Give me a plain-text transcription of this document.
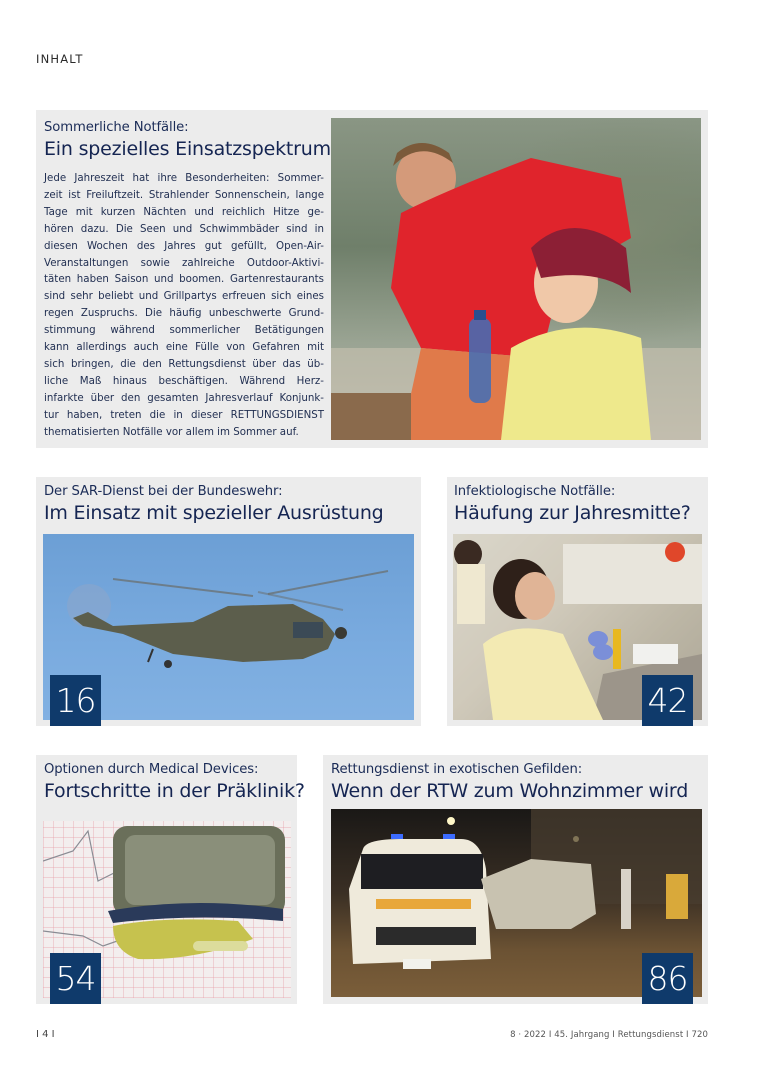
INHALT
Sommerliche Notfälle:
Ein spezielles Einsatzspektrum
Jede Jahreszeit hat ihre Besonderheiten: Sommer-
zeit ist Freiluftzeit. Strahlender Sonnenschein, lange
Tage mit kurzen Nächten und reichlich Hitze ge-
hören dazu. Die Seen und Schwimmbäder sind in
diesen Wochen des Jahres gut gefüllt, Open-Air-
Veranstaltungen sowie zahlreiche Outdoor-Aktivi-
täten haben Saison und boomen. Gartenrestaurants
sind sehr beliebt und Grillpartys erfreuen sich eines
regen Zuspruchs. Die häufig unbeschwerte Grund-
stimmung während sommerlicher Betätigungen
kann allerdings auch eine Fülle von Gefahren mit
sich bringen, die den Rettungsdienst über das üb-
liche Maß hinaus beschäftigen. Während Herz-
infarkte über den gesamten Jahresverlauf Konjunk-
tur haben, treten die in dieser RETTUNGSDIENST
thematisierten Notfälle vor allem im Sommer auf.
Der SAR-Dienst bei der Bundeswehr:
Im Einsatz mit spezieller Ausrüstung
16
Infektiologische Notfälle:
Häufung zur Jahresmitte?
42
Optionen durch Medical Devices:
Fortschritte in der Präklinik?
54
Rettungsdienst in exotischen Gefilden:
Wenn der RTW zum Wohnzimmer wird
86
I 4 I	8 · 2022 I 45. Jahrgang I Rettungsdienst I 720
